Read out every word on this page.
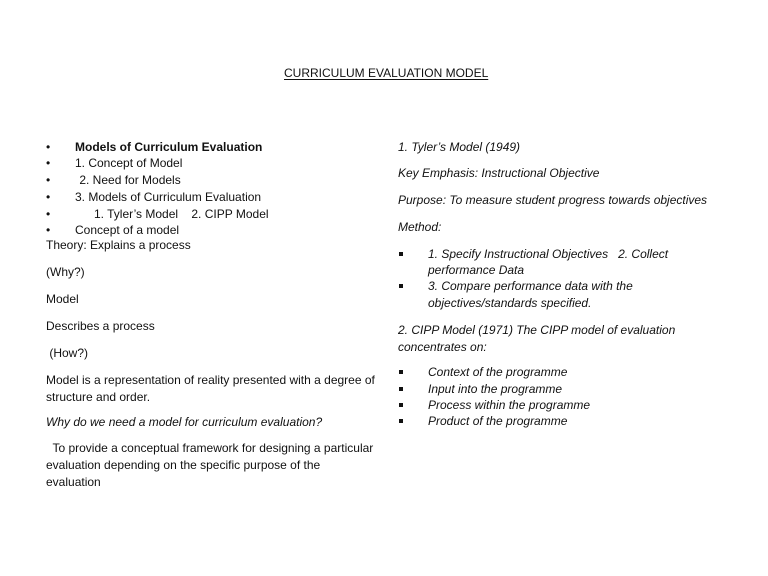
CURRICULUM EVALUATION MODEL
• Models of Curriculum Evaluation
• 1. Concept of Model
• 2. Need for Models
• 3. Models of Curriculum Evaluation
•	1. Tyler’s Model    2. CIPP Model
• Concept of a model
Theory: Explains a process
(Why?)
Model
Describes a process
(How?)
Model is a representation of reality presented with a degree of
structure and order.
Why do we need a model for curriculum evaluation?
To provide a conceptual framework for designing a particular
evaluation depending on the specific purpose of the
evaluation
1. Tyler’s Model (1949)
Key Emphasis: Instructional Objective
Purpose: To measure student progress towards objectives
Method:
1. Specify Instructional Objectives   2. Collect
performance Data
3. Compare performance data with the
objectives/standards specified.
2. CIPP Model (1971) The CIPP model of evaluation
concentrates on:
Context of the programme
Input into the programme
Process within the programme
Product of the programme
